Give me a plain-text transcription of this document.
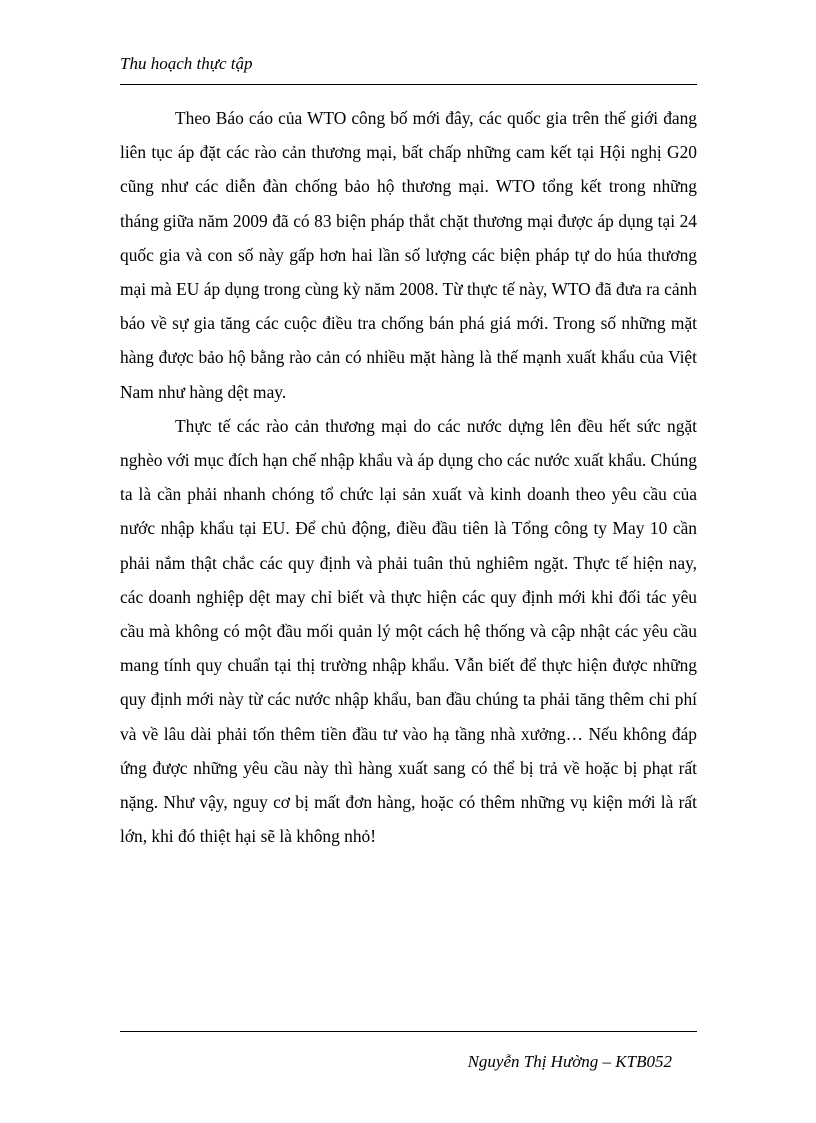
Thu hoạch thực tập

Theo Báo cáo của WTO công bố mới đây, các quốc gia trên thế giới đang liên tục áp đặt các rào cản thương mại, bất chấp những cam kết tại Hội nghị G20 cũng như các diễn đàn chống bảo hộ thương mại. WTO tổng kết trong những tháng giữa năm 2009 đã có 83 biện pháp thắt chặt thương mại được áp dụng tại 24 quốc gia và con số này gấp hơn hai lần số lượng các biện pháp tự do húa thương mại mà EU áp dụng trong cùng kỳ năm 2008. Từ thực tế này, WTO đã đưa ra cảnh báo về sự gia tăng các cuộc điều tra chống bán phá giá mới. Trong số những mặt hàng được bảo hộ bằng rào cản có nhiều mặt hàng là thế mạnh xuất khẩu của Việt Nam như hàng dệt may.

Thực tế các rào cản thương mại do các nước dựng lên đều hết sức ngặt nghèo với mục đích hạn chế nhập khẩu và áp dụng cho các nước xuất khẩu. Chúng ta là cần phải nhanh chóng tổ chức lại sản xuất và kinh doanh theo yêu cầu của nước nhập khẩu tại EU. Để chủ động, điều đầu tiên là Tổng công ty May 10 cần phải nắm thật chắc các quy định và phải tuân thủ nghiêm ngặt. Thực tế hiện nay, các doanh nghiệp dệt may chỉ biết và thực hiện các quy định mới khi đối tác yêu cầu mà không có một đầu mối quản lý một cách hệ thống và cập nhật các yêu cầu mang tính quy chuẩn tại thị trường nhập khẩu. Vẫn biết để thực hiện được những quy định mới này từ các nước nhập khẩu, ban đầu chúng ta phải tăng thêm chi phí và về lâu dài phải tốn thêm tiền đầu tư vào hạ tầng nhà xưởng… Nếu không đáp ứng được những yêu cầu này thì hàng xuất sang có thể bị trả về hoặc bị phạt rất nặng. Như vậy, nguy cơ bị mất đơn hàng, hoặc có thêm những vụ kiện mới là rất lớn, khi đó thiệt hại sẽ là không nhỏ!

Nguyễn Thị Hường – KTB052
